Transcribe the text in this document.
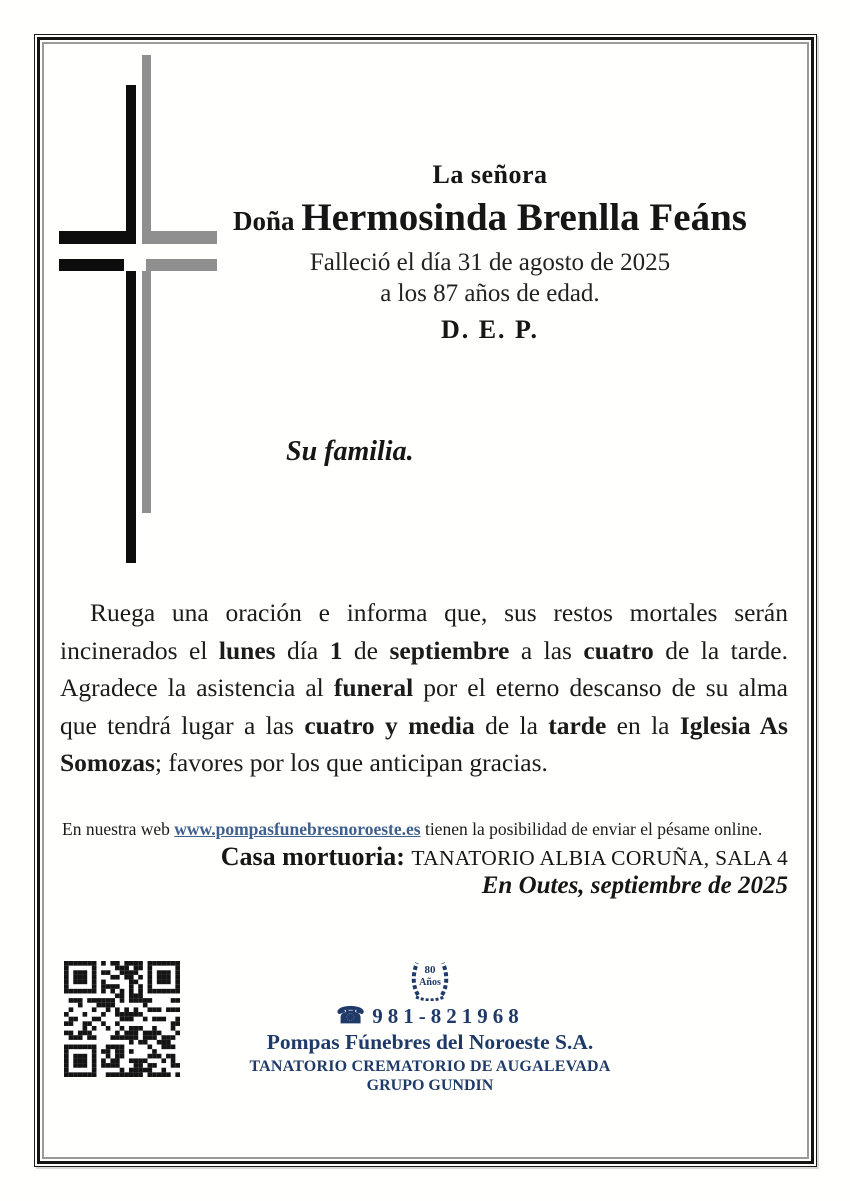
La señora
Doña Hermosinda Brenlla Feáns
Falleció el día 31 de agosto de 2025
a los 87 años de edad.
D. E. P.
Su familia.
Ruega una oración e informa que, sus restos mortales serán incinerados el lunes día 1 de septiembre a las cuatro de la tarde. Agradece la asistencia al funeral por el eterno descanso de su alma que tendrá lugar a las cuatro y media de la tarde en la Iglesia As Somozas; favores por los que anticipan gracias.
En nuestra web www.pompasfunebresnoroeste.es tienen la posibilidad de enviar el pésame online.
Casa mortuoria: TANATORIO ALBIA CORUÑA, SALA 4
En Outes, septiembre de 2025
80
Años
☎ 981-821968
Pompas Fúnebres del Noroeste S.A.
TANATORIO CREMATORIO DE AUGALEVADA
GRUPO GUNDIN
